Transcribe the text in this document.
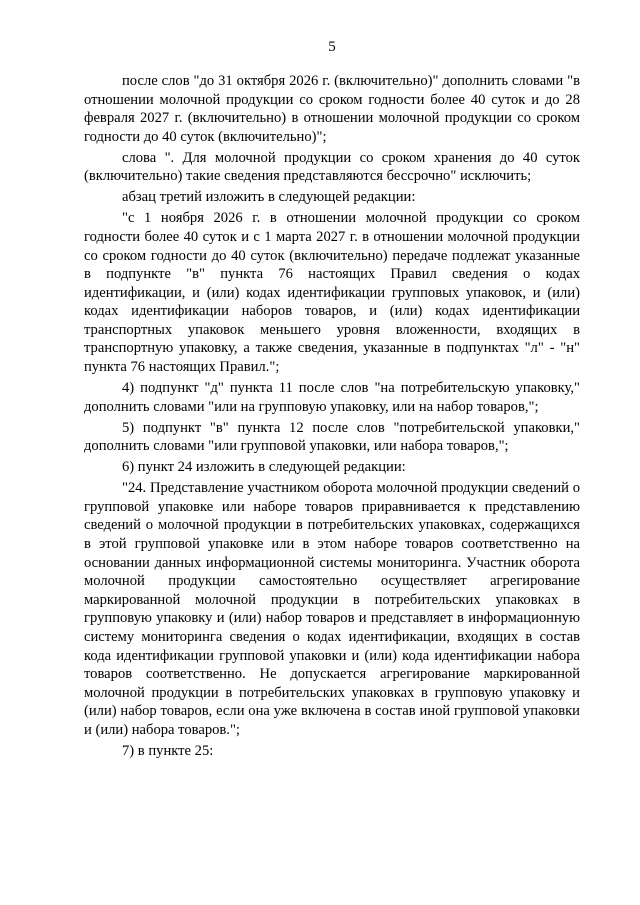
5

после слов "до 31 октября 2026 г. (включительно)" дополнить словами "в отношении молочной продукции со сроком годности более 40 суток и до 28 февраля 2027 г. (включительно) в отношении молочной продукции со сроком годности до 40 суток (включительно)";

слова ". Для молочной продукции со сроком хранения до 40 суток (включительно) такие сведения представляются бессрочно" исключить;

абзац третий изложить в следующей редакции:

"с 1 ноября 2026 г. в отношении молочной продукции со сроком годности более 40 суток и с 1 марта 2027 г. в отношении молочной продукции со сроком годности до 40 суток (включительно) передаче подлежат указанные в подпункте "в" пункта 76 настоящих Правил сведения о кодах идентификации, и (или) кодах идентификации групповых упаковок, и (или) кодах идентификации наборов товаров, и (или) кодах идентификации транспортных упаковок меньшего уровня вложенности, входящих в транспортную упаковку, а также сведения, указанные в подпунктах "л" - "н" пункта 76 настоящих Правил.";

4) подпункт "д" пункта 11 после слов "на потребительскую упаковку," дополнить словами "или на групповую упаковку, или на набор товаров,";

5) подпункт "в" пункта 12 после слов "потребительской упаковки," дополнить словами "или групповой упаковки, или набора товаров,";

6) пункт 24 изложить в следующей редакции:

"24. Представление участником оборота молочной продукции сведений о групповой упаковке или наборе товаров приравнивается к представлению сведений о молочной продукции в потребительских упаковках, содержащихся в этой групповой упаковке или в этом наборе товаров соответственно на основании данных информационной системы мониторинга. Участник оборота молочной продукции самостоятельно осуществляет агрегирование маркированной молочной продукции в потребительских упаковках в групповую упаковку и (или) набор товаров и представляет в информационную систему мониторинга сведения о кодах идентификации, входящих в состав кода идентификации групповой упаковки и (или) кода идентификации набора товаров соответственно. Не допускается агрегирование маркированной молочной продукции в потребительских упаковках в групповую упаковку и (или) набор товаров, если она уже включена в состав иной групповой упаковки и (или) набора товаров.";

7) в пункте 25:
